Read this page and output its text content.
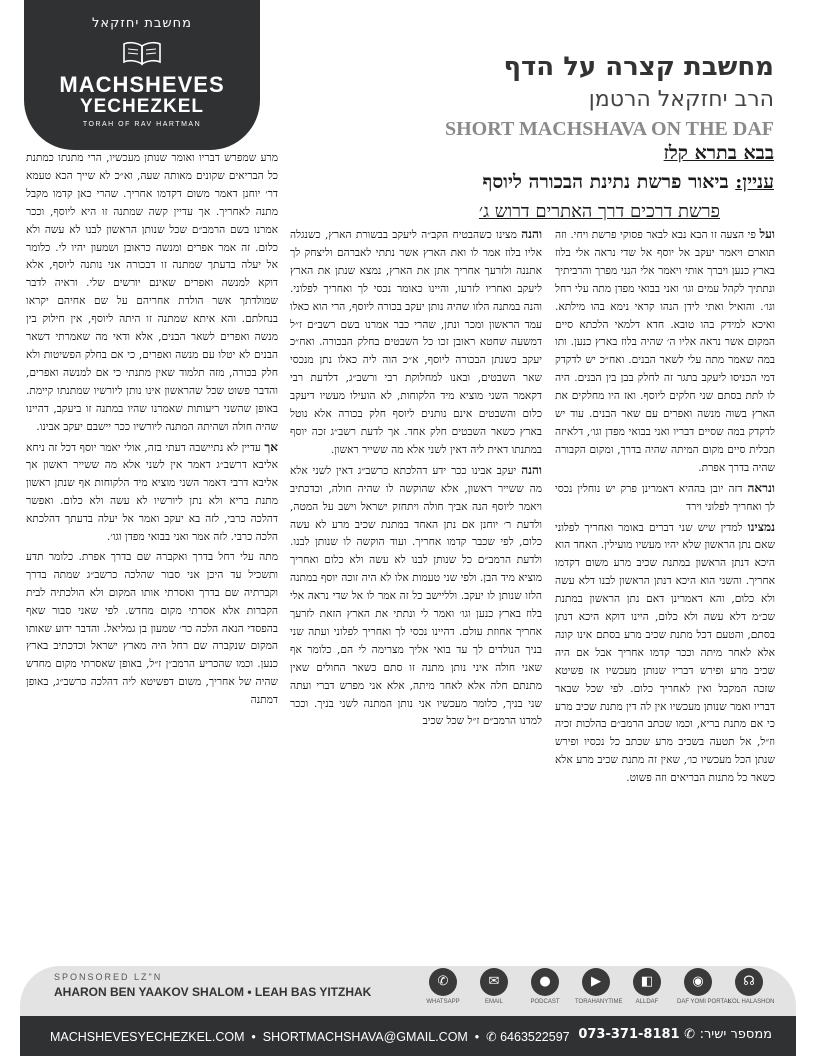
מחשבת יחזקאל
MACHSHEVES
YECHEZKEL
TORAH OF RAV HARTMAN
מחשבת קצרה על הדף
הרב יחזקאל הרטמן
SHORT MACHSHAVA ON THE DAF
בבא בתרא קלז
עניין: ביאור פרשת נתינת הבכורה ליוסף
פרשת דרכים דרך האתרים דרוש ג׳

ועל פי הצעה זו הבא נבא לבאר פסוקי פרשת ויחי. וזה תוארם ויאמר יעקב אל יוסף אל שדי נראה אלי בלוז בארץ כנען ויברך אותי ויאמר אלי הנני מפרך והרביתיך ונתתיך לקהל עמים וגו׳ ואני בבואי מפדן מתה עלי רחל וגו׳. והואיל ואתי לידן הנהו קראי נימא בהו מילתא. ואיכא למידק בהו טובא. חדא דלמאי הלכתא סיים המקום אשר נראה אליו ה׳ שהיה בלוז בארץ כנען. ותו במה שאמר מתה עלי לשאר הבנים. ואח״כ יש לדקדק דמי הכניסו ליעקב בתגר זה לחלק בבן בין הבנים. היה לו לתת בסתם שני חלקים ליוסף. ואז היו מחלקים את הארץ בשוה מנשה ואפרים עם שאר הבנים. עוד יש לדקדק במה שסיים דבריו ואני בבואי מפדן וגו׳, דלאיזה תכלית סיים מקום המיתה שהיה בדרך, ומקום הקבורה שהיה בדרך אפרת.

ונראה דזה יובן בההיא דאמרינן פרק יש נוחלין נכסי לך ואחריך לפלוני וירד

נמצינו למדין שיש שני דברים באומר ואחריך לפלוני שאם נתן הראשון שלא יהיו מעשיו מועילין. האחד הוא היכא דנתן הראשון במתנת שכיב מרע משום דקדמו אחריך. והשני הוא היכא דנתן הראשון לבנו דלא עשה ולא כלום, והא דאמרינן דאם נתן הראשון במתנת שכ״מ דלא עשה ולא כלום, היינו דוקא היכא דנתן בסתם, והטעם דכל מתנת שכיב מרע בסתם אינו קונה אלא לאחר מיתה וככר קדמו אחריך אבל אם היה שכיב מרע ופירש דבריו שנותן מעכשיו אז פשיטא שזכה המקבל ואין לאחריך כלום. לפי שכל שבאר דבריו ואמר שנותן מעכשיו אין לה דין מתנת שכיב מרע כי אם מתנת בריא, וכמו שכתב הרמב״ם בהלכות זכיה וז״ל, אל תטעה בשכיב מרע שכתב כל נכסיו ופירש שנתן הכל מעכשיו כו׳, שאין זה מתנת שכיב מרע אלא כשאר כל מתנות הבריאים וזה פשוט.

והנה מצינו כשהבטיח הקב״ה ליעקב בבשורת הארץ, כשנגלה אליו בלוז אמר לו ואת הארץ אשר נתתי לאברהם וליצחק לך אתננה ולזרעך אחריך אתן את הארץ, נמצא שנתן את הארץ ליעקב ואחריו לזרעו, והיינו כאומר נכסי לך ואחריך לפלוני. והנה במתנה הלזו שהיה נותן יעקב בכורה ליוסף, הרי הוא כאלו עמד הראשון ומכר ונתן, שהרי כבר אמרנו בשם רשב״ם ז״ל דמשעה שחטא ראובן זכו כל השבטים בחלק הבכורה. ואח״כ יעקב כשנתן הבכורה ליוסף, א״כ הוה ליה כאלו נתן מנכסי שאר השבטים, ובאנו למחלוקת רבי ורשב״ג, דלדעת רבי דקאמר השני מוציא מיד הלקוחות, לא הועילו מעשיו דיעקב כלום והשבטים אינם נותנים ליוסף חלק בכורה אלא נוטל בארץ כשאר השבטים חלק אחד. אך לדעת רשב״ג זכה יוסף במתנתו דאית ליה דאין לשני אלא מה ששייר ראשון.

והנה יעקב אבינו ככר ידע דהלכתא כרשב״ג דאין לשני אלא מה ששייר ראשון, אלא שהוקשה לו שהיה חולה, וכדכתיב ויאמר ליוסף הנה אביך חולה ויתחזק ישראל וישב על המטה, ולדעת ר׳ יוחנן אם נתן האחד במתנת שכיב מרע לא עשה כלום, לפי שכבר קדמו אחריך. ועוד הוקשה לו שנותן לבנו. ולדעת הרמב״ם כל שנותן לבנו לא עשה ולא כלום ואחריך מוציא מיד הבן. ולפי שני טעמות אלו לא היה זוכה יוסף במתנה הלזו שנותן לו יעקב. ולליישב כל זה אמר לו אל שדי נראה אלי בלוז בארץ כנען וגו׳ ואמר לי ונתתי את הארץ הזאת לזרעך אחריך אחוזת עולם. דהיינו נכסי לך ואחריך לפלוני ועתה שני בניך הנולדים לך עד בואי אליך מצרימה לי הם, כלומר אף שאני חולה איני נותן מתנה זו סתם כשאר החולים שאין מתנתם חלה אלא לאחר מיתה, אלא אני מפרש דברי ועתה שני בניך, כלומר מעכשיו אני נותן המתנה לשני בניך. וככר למדנו הרמב״ם ז״ל שכל שכיב

מרע שמפרש דבריו ואומר שנותן מעכשיו, הרי מתנתו כמתנת כל הבריאים שקונים מאותה שעה, וא״כ לא שייך הכא טעמא דר׳ יוחנן דאמר משום דקדמו אחריך. שהרי כאן קדמו מקבל מתנה לאחריך. אך עדיין קשה שמתנה זו היא ליוסף, וככר אמרנו בשם הרמב״ם שכל שנותן הראשון לבנו לא עשה ולא כלום. זה אמר אפרים ומנשה כראובן ושמעון יהיו לי. כלומר אל יעלה בדעתך שמתנה זו דבכורה אני נותנה ליוסף, אלא דוקא למנשה ואפרים שאינם יורשים שלי. וראיה לדבר שמולדתך אשר הולדת אחריהם על שם אחיהם יקראו בנחלתם. והא איתא שמתנה זו היתה ליוסף, אין חילוק בין מנשה ואפרים לשאר הבנים, אלא ודאי מה שאמרתי דשאר הבנים לא יטלו עם מנשה ואפרים, כי אם בחלק הפשיטות ולא חלק בכורה, מזה תלמוד שאין מתנתי כי אם למנשה ואפרים, והדבר פשוט שכל שהראשון אינו נותן ליורשיו שמתנתו קיימת. באופן שהשני ריעותות שאמרנו שהיו במתנה זו ביעקב, דהיינו שהיה חולה ושהיתה המתנה ליורשיו ככר יישבם יעקב אבינו.

אך עדיין לא נתיישבה דעתי בזה, אולי יאמר יוסף דכל זה ניחא אליבא דרשב״ג דאמר אין לשני אלא מה ששייר ראשון אך אליבא דרבי דאמר השני מוציא מיד הלקוחות אף שנתן ראשון מתנת בריא ולא נתן ליורשיו לא עשה ולא כלום. ואפשר דהלכה כרבי, לזה בא יעקב ואמר אל יעלה בדעתך דהלכתא הלכה כרבי. לזה אמר ואני בבואי מפדן וגו׳.

מתה עלי רחל בדרך ואקברה שם בדרך אפרת. כלומר תדע ותשכיל עד היכן אני סבור שהלכה כרשב״ג שמתה בדרך וקברתיה שם בדרך ואסרתי אותו המקום ולא הולכתיה לבית הקברות אלא אסרתי מקום מחדש. לפי שאני סבור שאף בהפסדי הנאה הלכה כר׳ שמעון בן גמליאל. והדבר ידוע שאותו המקום שנקברה שם רחל היה מארץ ישראל וכדכתיב בארץ כנען. וכמו שהכריע הרמב״ן ז״ל, באופן שאסרתי מקום מחדש שהיה של אחריך, משום דפשיטא ליה דהלכה כרשב״ג, באופן דמתנה

SPONSORED LZ"N
AHARON BEN YAAKOV SHALOM • LEAH BAS YITZHAK
✆
WHATSAPP
✉
EMAIL
●
PODCAST
▶
TORAHANYTIME
◧
ALLDAF
◉
DAF YOMI PORTAL
☊
KOL HALASHON
MACHSHEVESYECHEZKEL.COM  •  SHORTMACHSHAVA@GMAIL.COM  •  ✆ 6463522597	ממספר ישיר: ✆ 073-371-8181
